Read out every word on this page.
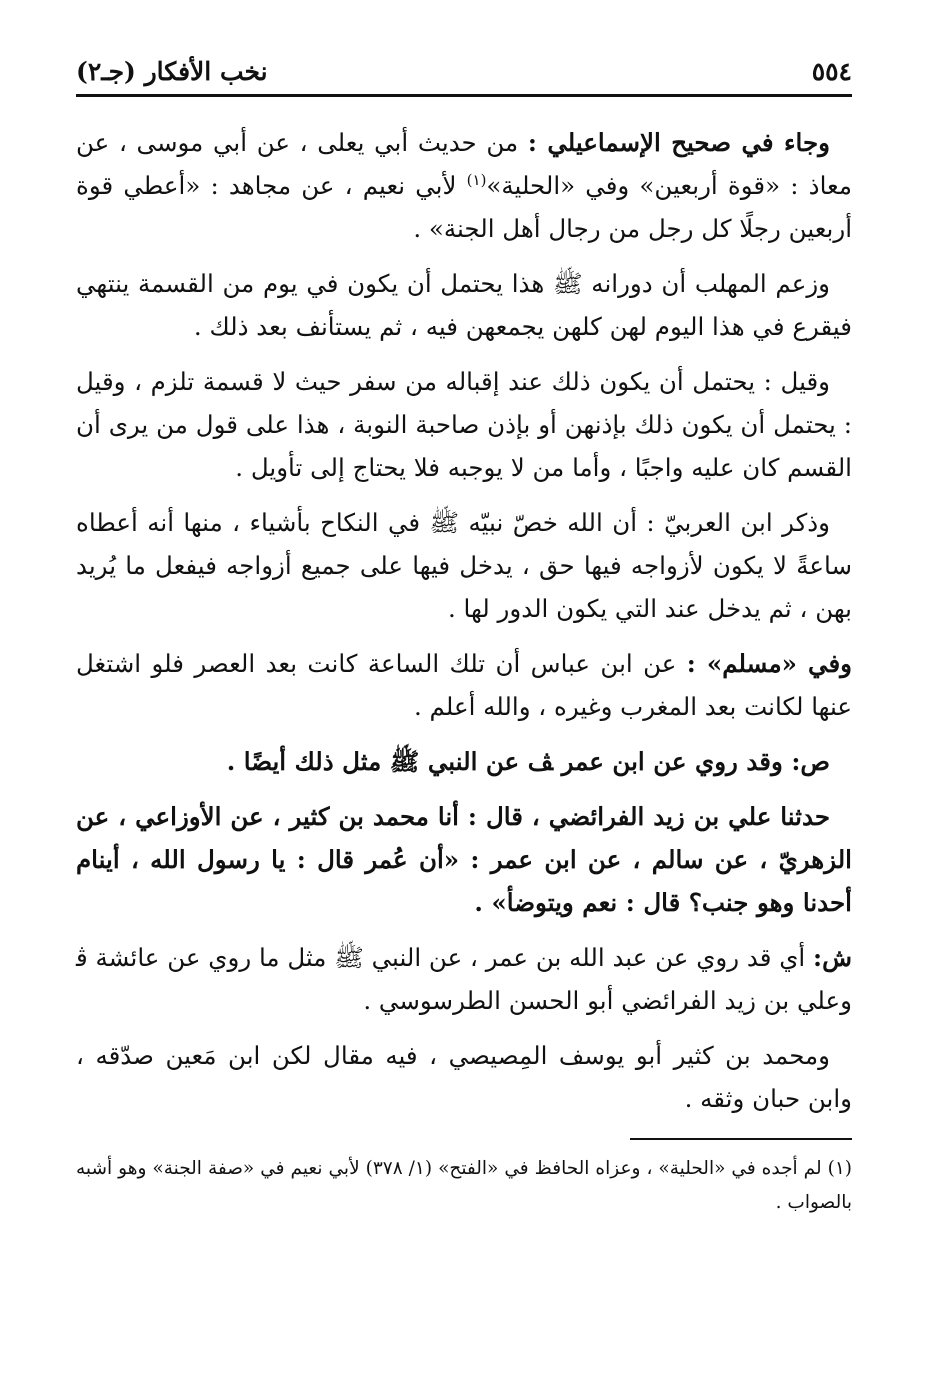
٥٥٤
نخب الأفكار (جـ٢)

وجاء في صحيح الإسماعيلي : من حديث أبي يعلى ، عن أبي موسى ، عن معاذ : «قوة أربعين» وفي «الحلية»$^{(١)}$ لأبي نعيم ، عن مجاهد : «أعطي قوة أربعين رجلًا كل رجل من رجال أهل الجنة» .

وزعم المهلب أن دورانه ﷺ هذا يحتمل أن يكون في يوم من القسمة ينتهي فيقرع في هذا اليوم لهن كلهن يجمعهن فيه ، ثم يستأنف بعد ذلك .

وقيل : يحتمل أن يكون ذلك عند إقباله من سفر حيث لا قسمة تلزم ، وقيل : يحتمل أن يكون ذلك بإذنهن أو بإذن صاحبة النوبة ، هذا على قول من يرى أن القسم كان عليه واجبًا ، وأما من لا يوجبه فلا يحتاج إلى تأويل .

وذكر ابن العربيّ : أن الله خصّ نبيّه ﷺ في النكاح بأشياء ، منها أنه أعطاه ساعةً لا يكون لأزواجه فيها حق ، يدخل فيها على جميع أزواجه فيفعل ما يُريد بهن ، ثم يدخل عند التي يكون الدور لها .

وفي «مسلم» : عن ابن عباس أن تلك الساعة كانت بعد العصر فلو اشتغل عنها لكانت بعد المغرب وغيره ، والله أعلم .

ص: وقد روي عن ابن عمر ﭫ عن النبي ﷺ مثل ذلك أيضًا .

حدثنا علي بن زيد الفرائضي ، قال : أنا محمد بن كثير ، عن الأوزاعي ، عن الزهريّ ، عن سالم ، عن ابن عمر : «أن عُمر قال : يا رسول الله ، أينام أحدنا وهو جنب؟ قال : نعم ويتوضأ» .

ش: أي قد روي عن عبد الله بن عمر ، عن النبي ﷺ مثل ما روي عن عائشة ﭬ وعلي بن زيد الفرائضي أبو الحسن الطرسوسي .

ومحمد بن كثير أبو يوسف المِصيصي ، فيه مقال لكن ابن مَعين صدّقه ، وابن حبان وثقه .

(١) لم أجده في «الحلية» ، وعزاه الحافظ في «الفتح» (١/ ٣٧٨) لأبي نعيم في «صفة الجنة» وهو أشبه بالصواب .
